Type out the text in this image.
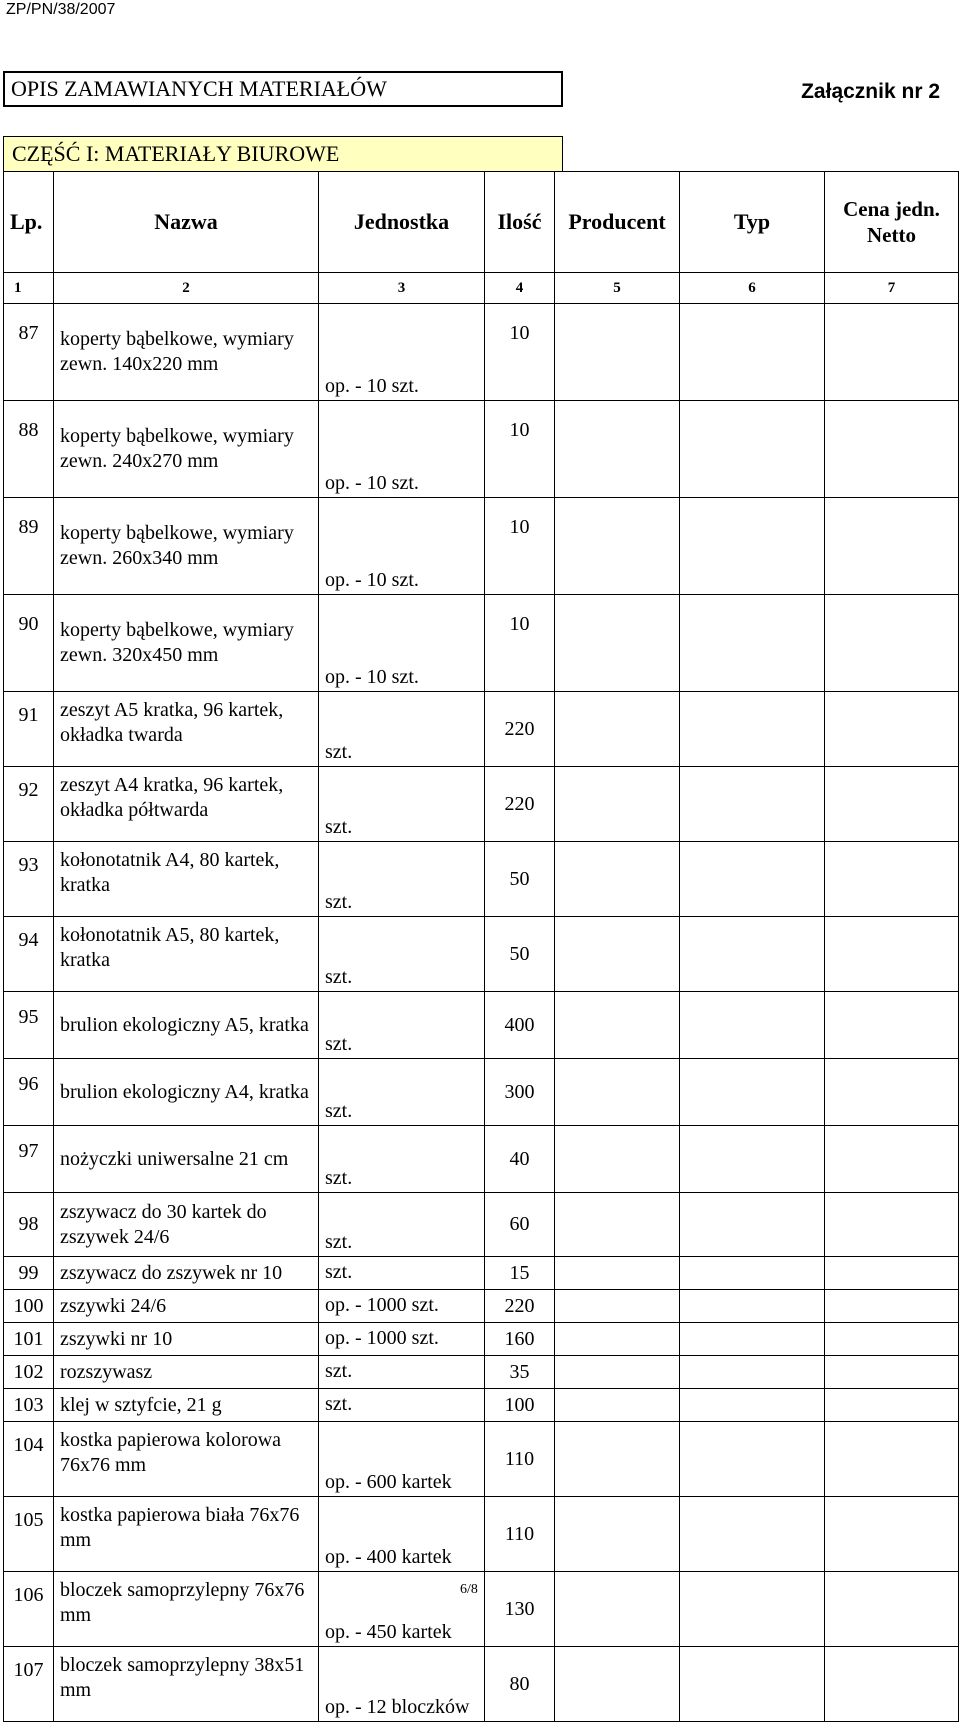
ZP/PN/38/2007
OPIS ZAMAWIANYCH MATERIAŁÓW	Załącznik nr 2
CZĘŚĆ I: MATERIAŁY BIUROWE
Lp.	Nazwa	Jednostka	Ilość	Producent	Typ	Cena jedn.
Netto
1	2	3	4	5	6	7
87	koperty bąbelkowe, wymiary zewn. 140x220 mm	op. - 10 szt.	10			
88	koperty bąbelkowe, wymiary zewn. 240x270 mm	op. - 10 szt.	10			
89	koperty bąbelkowe, wymiary zewn. 260x340 mm	op. - 10 szt.	10			
90	koperty bąbelkowe, wymiary zewn. 320x450 mm	op. - 10 szt.	10			
91	zeszyt A5 kratka, 96 kartek, okładka twarda	szt.	220			
92	zeszyt A4 kratka, 96 kartek, okładka półtwarda	szt.	220			
93	kołonotatnik A4, 80 kartek, kratka	szt.	50			
94	kołonotatnik A5, 80 kartek, kratka	szt.	50			
95	brulion ekologiczny A5, kratka	szt.	400			
96	brulion ekologiczny A4, kratka	szt.	300			
97	nożyczki uniwersalne 21 cm	szt.	40			
98	zszywacz do 30 kartek do zszywek 24/6	szt.	60			
99	zszywacz do zszywek nr 10	szt.	15			
100	zszywki 24/6	op. - 1000 szt.	220			
101	zszywki nr 10	op. - 1000 szt.	160			
102	rozszywasz	szt.	35			
103	klej w sztyfcie, 21 g	szt.	100			
104	kostka papierowa kolorowa 76x76 mm	op. - 600 kartek	110			
105	kostka papierowa biała 76x76 mm	op. - 400 kartek	110			
106	bloczek samoprzylepny 76x76 mm	op. - 450 kartek	130			
107	bloczek samoprzylepny 38x51 mm	op. - 12 bloczków	80			
6/8
